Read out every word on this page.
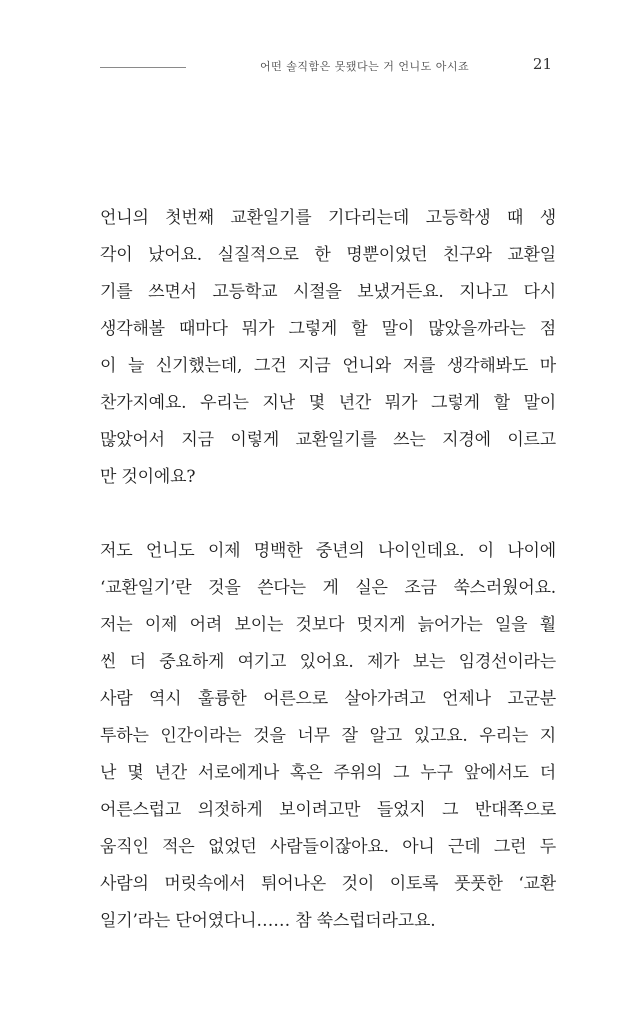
어떤 솔직함은 못됐다는 거 언니도 아시죠	21

언니의 첫번째 교환일기를 기다리는데 고등학생 때 생
각이 났어요. 실질적으로 한 명뿐이었던 친구와 교환일
기를 쓰면서 고등학교 시절을 보냈거든요. 지나고 다시
생각해볼 때마다 뭐가 그렇게 할 말이 많았을까라는 점
이 늘 신기했는데, 그건 지금 언니와 저를 생각해봐도 마
찬가지예요. 우리는 지난 몇 년간 뭐가 그렇게 할 말이
많았어서 지금 이렇게 교환일기를 쓰는 지경에 이르고
만 것이에요?

저도 언니도 이제 명백한 중년의 나이인데요. 이 나이에
‘교환일기’란 것을 쓴다는 게 실은 조금 쑥스러웠어요.
저는 이제 어려 보이는 것보다 멋지게 늙어가는 일을 훨
씬 더 중요하게 여기고 있어요. 제가 보는 임경선이라는
사람 역시 훌륭한 어른으로 살아가려고 언제나 고군분
투하는 인간이라는 것을 너무 잘 알고 있고요. 우리는 지
난 몇 년간 서로에게나 혹은 주위의 그 누구 앞에서도 더
어른스럽고 의젓하게 보이려고만 들었지 그 반대쪽으로
움직인 적은 없었던 사람들이잖아요. 아니 근데 그런 두
사람의 머릿속에서 튀어나온 것이 이토록 풋풋한 ‘교환
일기’라는 단어였다니…… 참 쑥스럽더라고요.
